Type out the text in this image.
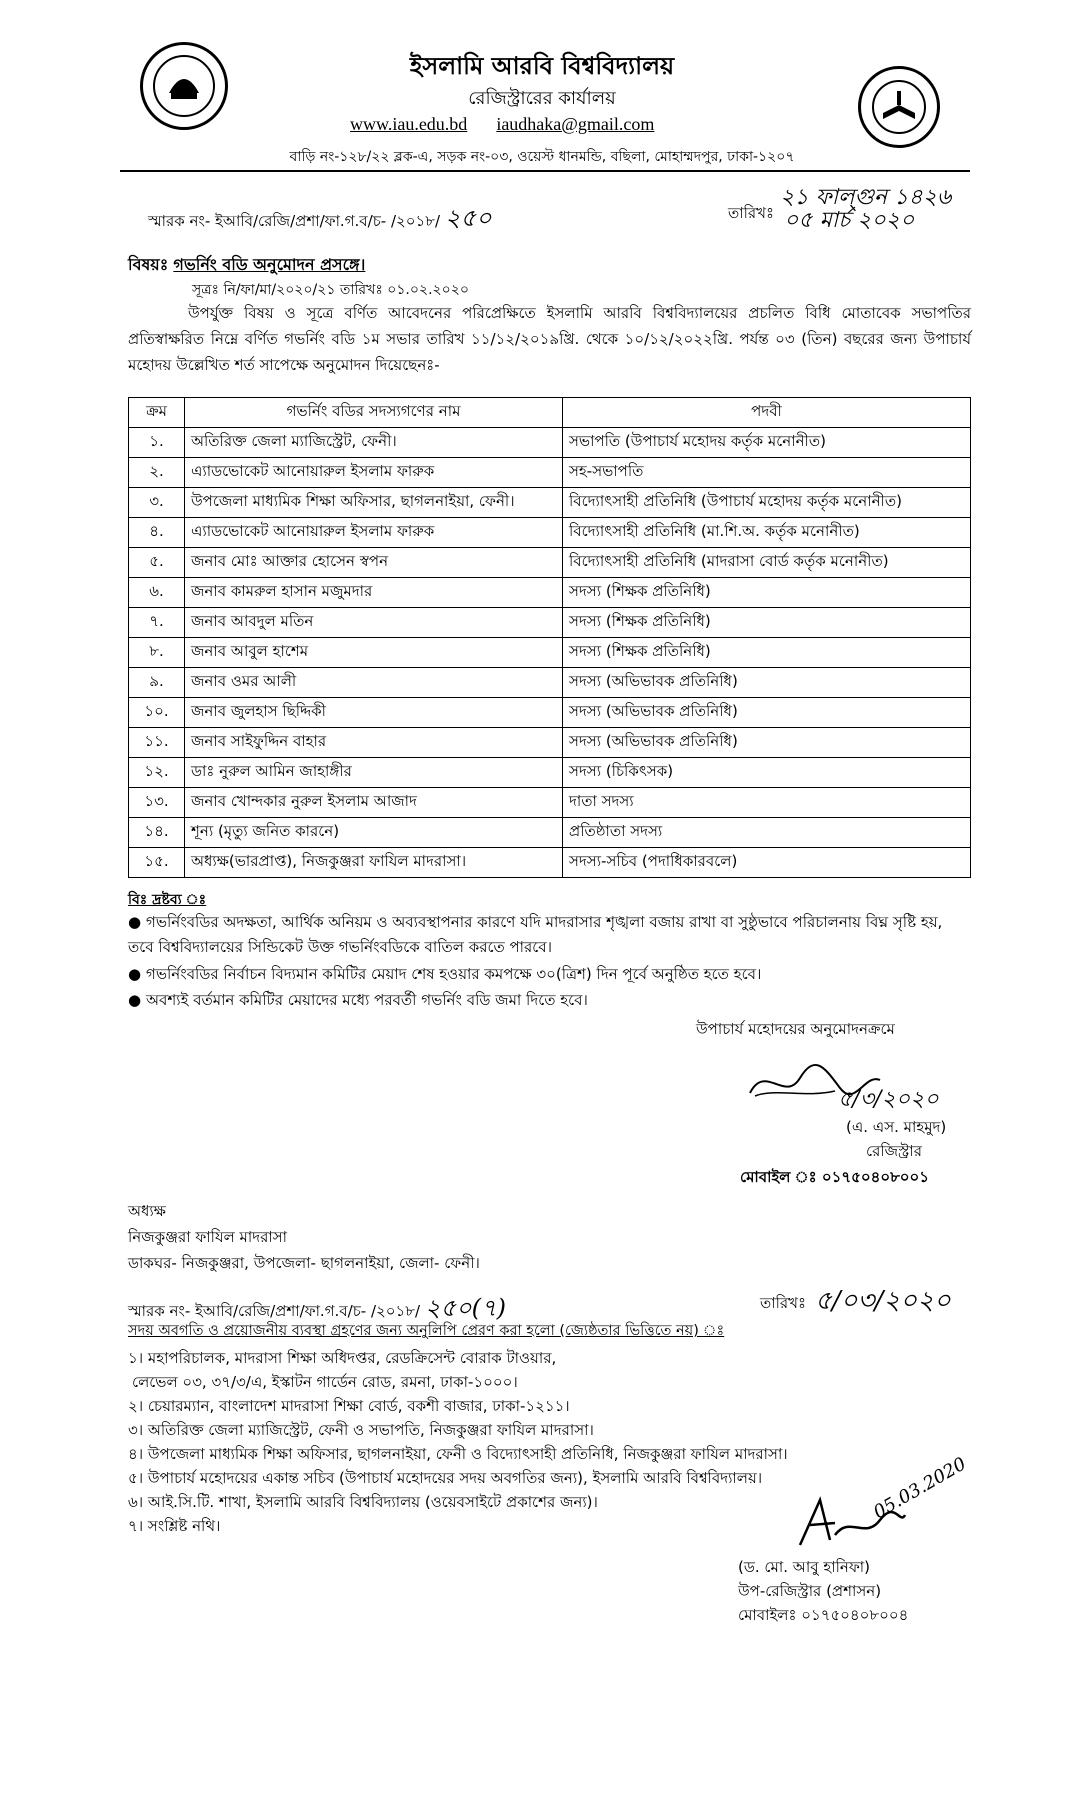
ইসলামি আরবি বিশ্ববিদ্যালয়
রেজিস্ট্রারের কার্যালয়
www.iau.edu.bd iaudhaka@gmail.com
বাড়ি নং-১২৮/২২ ব্লক-এ, সড়ক নং-০৩, ওয়েস্ট ধানমন্ডি, বছিলা, মোহাম্মদপুর, ঢাকা-১২০৭
স্মারক নং- ইআবি/রেজি/প্রশা/ফা.গ.ব/চ- /২০১৮/ ২৫০	তারিখঃ
২১ ফাল্গুন ১৪২৬
০৫ মার্চ ২০২০
বিষয়ঃ গভর্নিং বডি অনুমোদন প্রসঙ্গে।
সূত্রঃ নি/ফা/মা/২০২০/২১ তারিখঃ ০১.০২.২০২০
উপর্যুক্ত বিষয় ও সূত্রে বর্ণিত আবেদনের পরিপ্রেক্ষিতে ইসলামি আরবি বিশ্ববিদ্যালয়ের প্রচলিত বিধি মোতাবেক সভাপতির প্রতিস্বাক্ষরিত নিম্নে বর্ণিত গভর্নিং বডি ১ম সভার তারিখ ১১/১২/২০১৯খ্রি. থেকে ১০/১২/২০২২খ্রি. পর্যন্ত ০৩ (তিন) বছরের জন্য উপাচার্য মহোদয় উল্লেখিত শর্ত সাপেক্ষে অনুমোদন দিয়েছেনঃ-
ক্রম	গভর্নিং বডির সদস্যগণের নাম	পদবী
১.	অতিরিক্ত জেলা ম্যাজিস্ট্রেট, ফেনী।	সভাপতি (উপাচার্য মহোদয় কর্তৃক মনোনীত)
২.	এ্যাডভোকেট আনোয়ারুল ইসলাম ফারুক	সহ-সভাপতি
৩.	উপজেলা মাধ্যমিক শিক্ষা অফিসার, ছাগলনাইয়া, ফেনী।	বিদ্যোৎসাহী প্রতিনিধি (উপাচার্য মহোদয় কর্তৃক মনোনীত)
৪.	এ্যাডভোকেট আনোয়ারুল ইসলাম ফারুক	বিদ্যোৎসাহী প্রতিনিধি (মা.শি.অ. কর্তৃক মনোনীত)
৫.	জনাব মোঃ আক্তার হোসেন স্বপন	বিদ্যোৎসাহী প্রতিনিধি (মাদরাসা বোর্ড কর্তৃক মনোনীত)
৬.	জনাব কামরুল হাসান মজুমদার	সদস্য (শিক্ষক প্রতিনিধি)
৭.	জনাব আবদুল মতিন	সদস্য (শিক্ষক প্রতিনিধি)
৮.	জনাব আবুল হাশেম	সদস্য (শিক্ষক প্রতিনিধি)
৯.	জনাব ওমর আলী	সদস্য (অভিভাবক প্রতিনিধি)
১০.	জনাব জুলহাস ছিদ্দিকী	সদস্য (অভিভাবক প্রতিনিধি)
১১.	জনাব সাইফুদ্দিন বাহার	সদস্য (অভিভাবক প্রতিনিধি)
১২.	ডাঃ নুরুল আমিন জাহাঙ্গীর	সদস্য (চিকিৎসক)
১৩.	জনাব খোন্দকার নুরুল ইসলাম আজাদ	দাতা সদস্য
১৪.	শূন্য (মৃত্যু জনিত কারনে)	প্রতিষ্ঠাতা সদস্য
১৫.	অধ্যক্ষ(ভারপ্রাপ্ত), নিজকুঞ্জরা ফাযিল মাদরাসা।	সদস্য-সচিব (পদাধিকারবলে)
বিঃ দ্রষ্টব্য ঃ
● গভর্নিংবডির অদক্ষতা, আর্থিক অনিয়ম ও অব্যবস্থাপনার কারণে যদি মাদরাসার শৃঙ্খলা বজায় রাখা বা সুষ্ঠুভাবে পরিচালনায় বিঘ্ন সৃষ্টি হয়, তবে বিশ্ববিদ্যালয়ের সিন্ডিকেট উক্ত গভর্নিংবডিকে বাতিল করতে পারবে।
● গভর্নিংবডির নির্বাচন বিদ্যমান কমিটির মেয়াদ শেষ হওয়ার কমপক্ষে ৩০(ত্রিশ) দিন পূর্বে অনুষ্ঠিত হতে হবে।
● অবশ্যই বর্তমান কমিটির মেয়াদের মধ্যে পরবর্তী গভর্নিং বডি জমা দিতে হবে।
উপাচার্য মহোদয়ের অনুমোদনক্রমে
৫/৩/২০২০
(এ. এস. মাহমুদ)
রেজিস্ট্রার
মোবাইল ঃ ০১৭৫০৪০৮০০১
অধ্যক্ষ
নিজকুঞ্জরা ফাযিল মাদরাসা
ডাকঘর- নিজকুঞ্জরা, উপজেলা- ছাগলনাইয়া, জেলা- ফেনী।
স্মারক নং- ইআবি/রেজি/প্রশা/ফা.গ.ব/চ- /২০১৮/ ২৫০(৭)	তারিখঃ ৫/০৩/২০২০
সদয় অবগতি ও প্রয়োজনীয় ব্যবস্থা গ্রহণের জন্য অনুলিপি প্রেরণ করা হলো (জ্যেষ্ঠতার ভিত্তিতে নয়) ঃ
১। মহাপরিচালক, মাদরাসা শিক্ষা অধিদপ্তর, রেডক্রিসেন্ট বোরাক টাওয়ার,
লেভেল ০৩, ৩৭/৩/এ, ইস্কাটন গার্ডেন রোড, রমনা, ঢাকা-১০০০।
২। চেয়ারম্যান, বাংলাদেশ মাদরাসা শিক্ষা বোর্ড, বকশী বাজার, ঢাকা-১২১১।
৩। অতিরিক্ত জেলা ম্যাজিস্ট্রেট, ফেনী ও সভাপতি, নিজকুঞ্জরা ফাযিল মাদরাসা।
৪। উপজেলা মাধ্যমিক শিক্ষা অফিসার, ছাগলনাইয়া, ফেনী ও বিদ্যোৎসাহী প্রতিনিধি, নিজকুঞ্জরা ফাযিল মাদরাসা।
৫। উপাচার্য মহোদয়ের একান্ত সচিব (উপাচার্য মহোদয়ের সদয় অবগতির জন্য), ইসলামি আরবি বিশ্ববিদ্যালয়।
৬। আই.সি.টি. শাখা, ইসলামি আরবি বিশ্ববিদ্যালয় (ওয়েবসাইটে প্রকাশের জন্য)।
৭। সংশ্লিষ্ট নথি।
05.03.2020
(ড. মো. আবু হানিফা)
উপ-রেজিস্ট্রার (প্রশাসন)
মোবাইলঃ ০১৭৫০৪০৮০০৪
